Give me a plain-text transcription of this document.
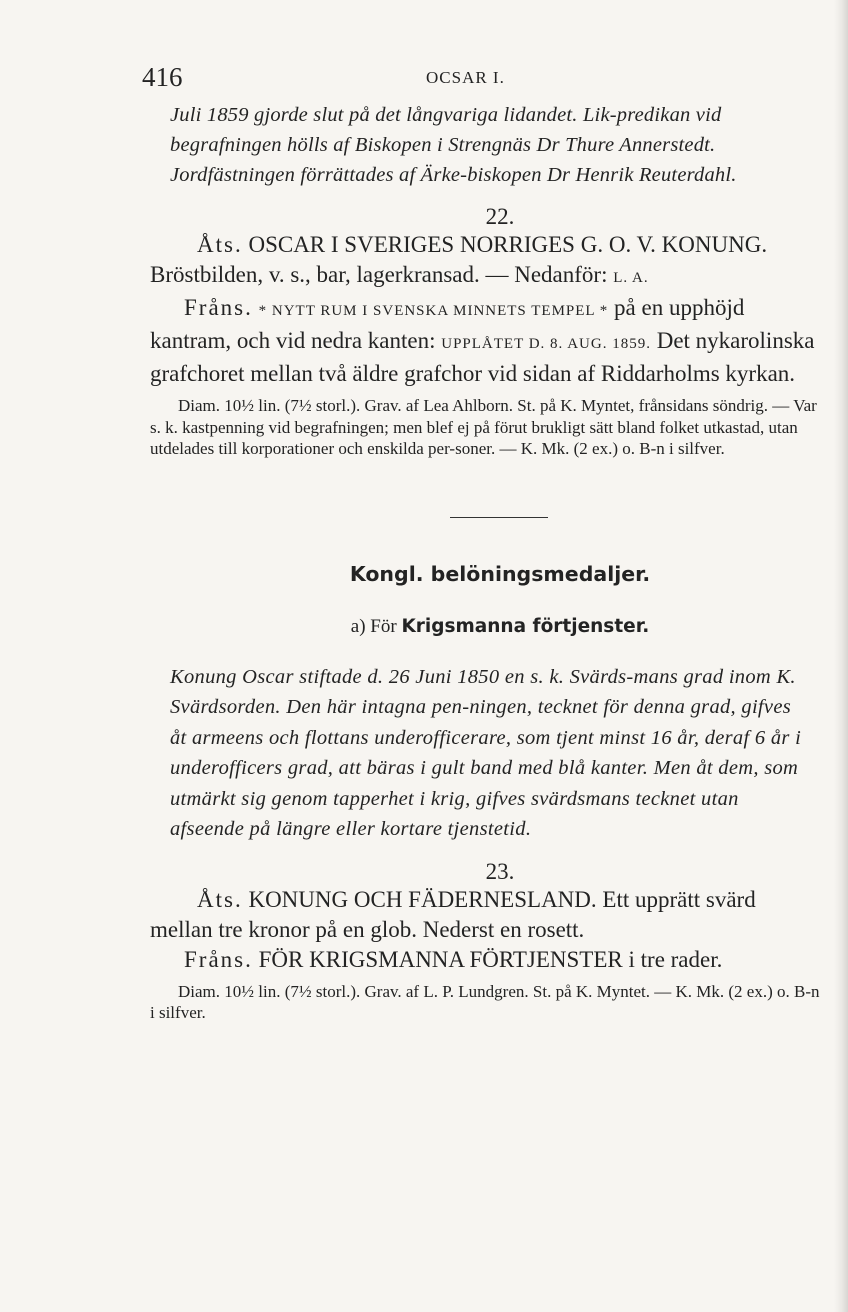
416	OCSAR I.

Juli 1859 gjorde slut på det långvariga lidandet. Lik-predikan vid begrafningen hölls af Biskopen i Strengnäs Dr Thure Annerstedt. Jordfästningen förrättades af Ärke-biskopen Dr Henrik Reuterdahl.

22.

Åts. OSCAR I SVERIGES NORRIGES G. O. V. KONUNG. Bröstbilden, v. s., bar, lagerkransad. — Nedanför: L. A.

Fråns. * NYTT RUM I SVENSKA MINNETS TEMPEL * på en upphöjd kantram, och vid nedra kanten: UPPLÅTET D. 8. AUG. 1859. Det nykarolinska grafchoret mellan två äldre grafchor vid sidan af Riddarholms kyrkan.

Diam. 10½ lin. (7½ storl.). Grav. af Lea Ahlborn. St. på K. Myntet, frånsidans söndrig. — Var s. k. kastpenning vid begrafningen; men blef ej på förut brukligt sätt bland folket utkastad, utan utdelades till korporationer och enskilda per-soner. — K. Mk. (2 ex.) o. B-n i silfver.

Kongl. belöningsmedaljer.
a) För Krigsmanna förtjenster.

Konung Oscar stiftade d. 26 Juni 1850 en s. k. Svärds-mans grad inom K. Svärdsorden. Den här intagna pen-ningen, tecknet för denna grad, gifves åt armeens och flottans underofficerare, som tjent minst 16 år, deraf 6 år i underofficers grad, att bäras i gult band med blå kanter. Men åt dem, som utmärkt sig genom tapperhet i krig, gifves svärdsmans tecknet utan afseende på längre eller kortare tjenstetid.

23.

Åts. KONUNG OCH FÄDERNESLAND. Ett upprätt svärd mellan tre kronor på en glob. Nederst en rosett.

Fråns. FÖR KRIGSMANNA FÖRTJENSTER i tre rader.

Diam. 10½ lin. (7½ storl.). Grav. af L. P. Lundgren. St. på K. Myntet. — K. Mk. (2 ex.) o. B-n i silfver.
